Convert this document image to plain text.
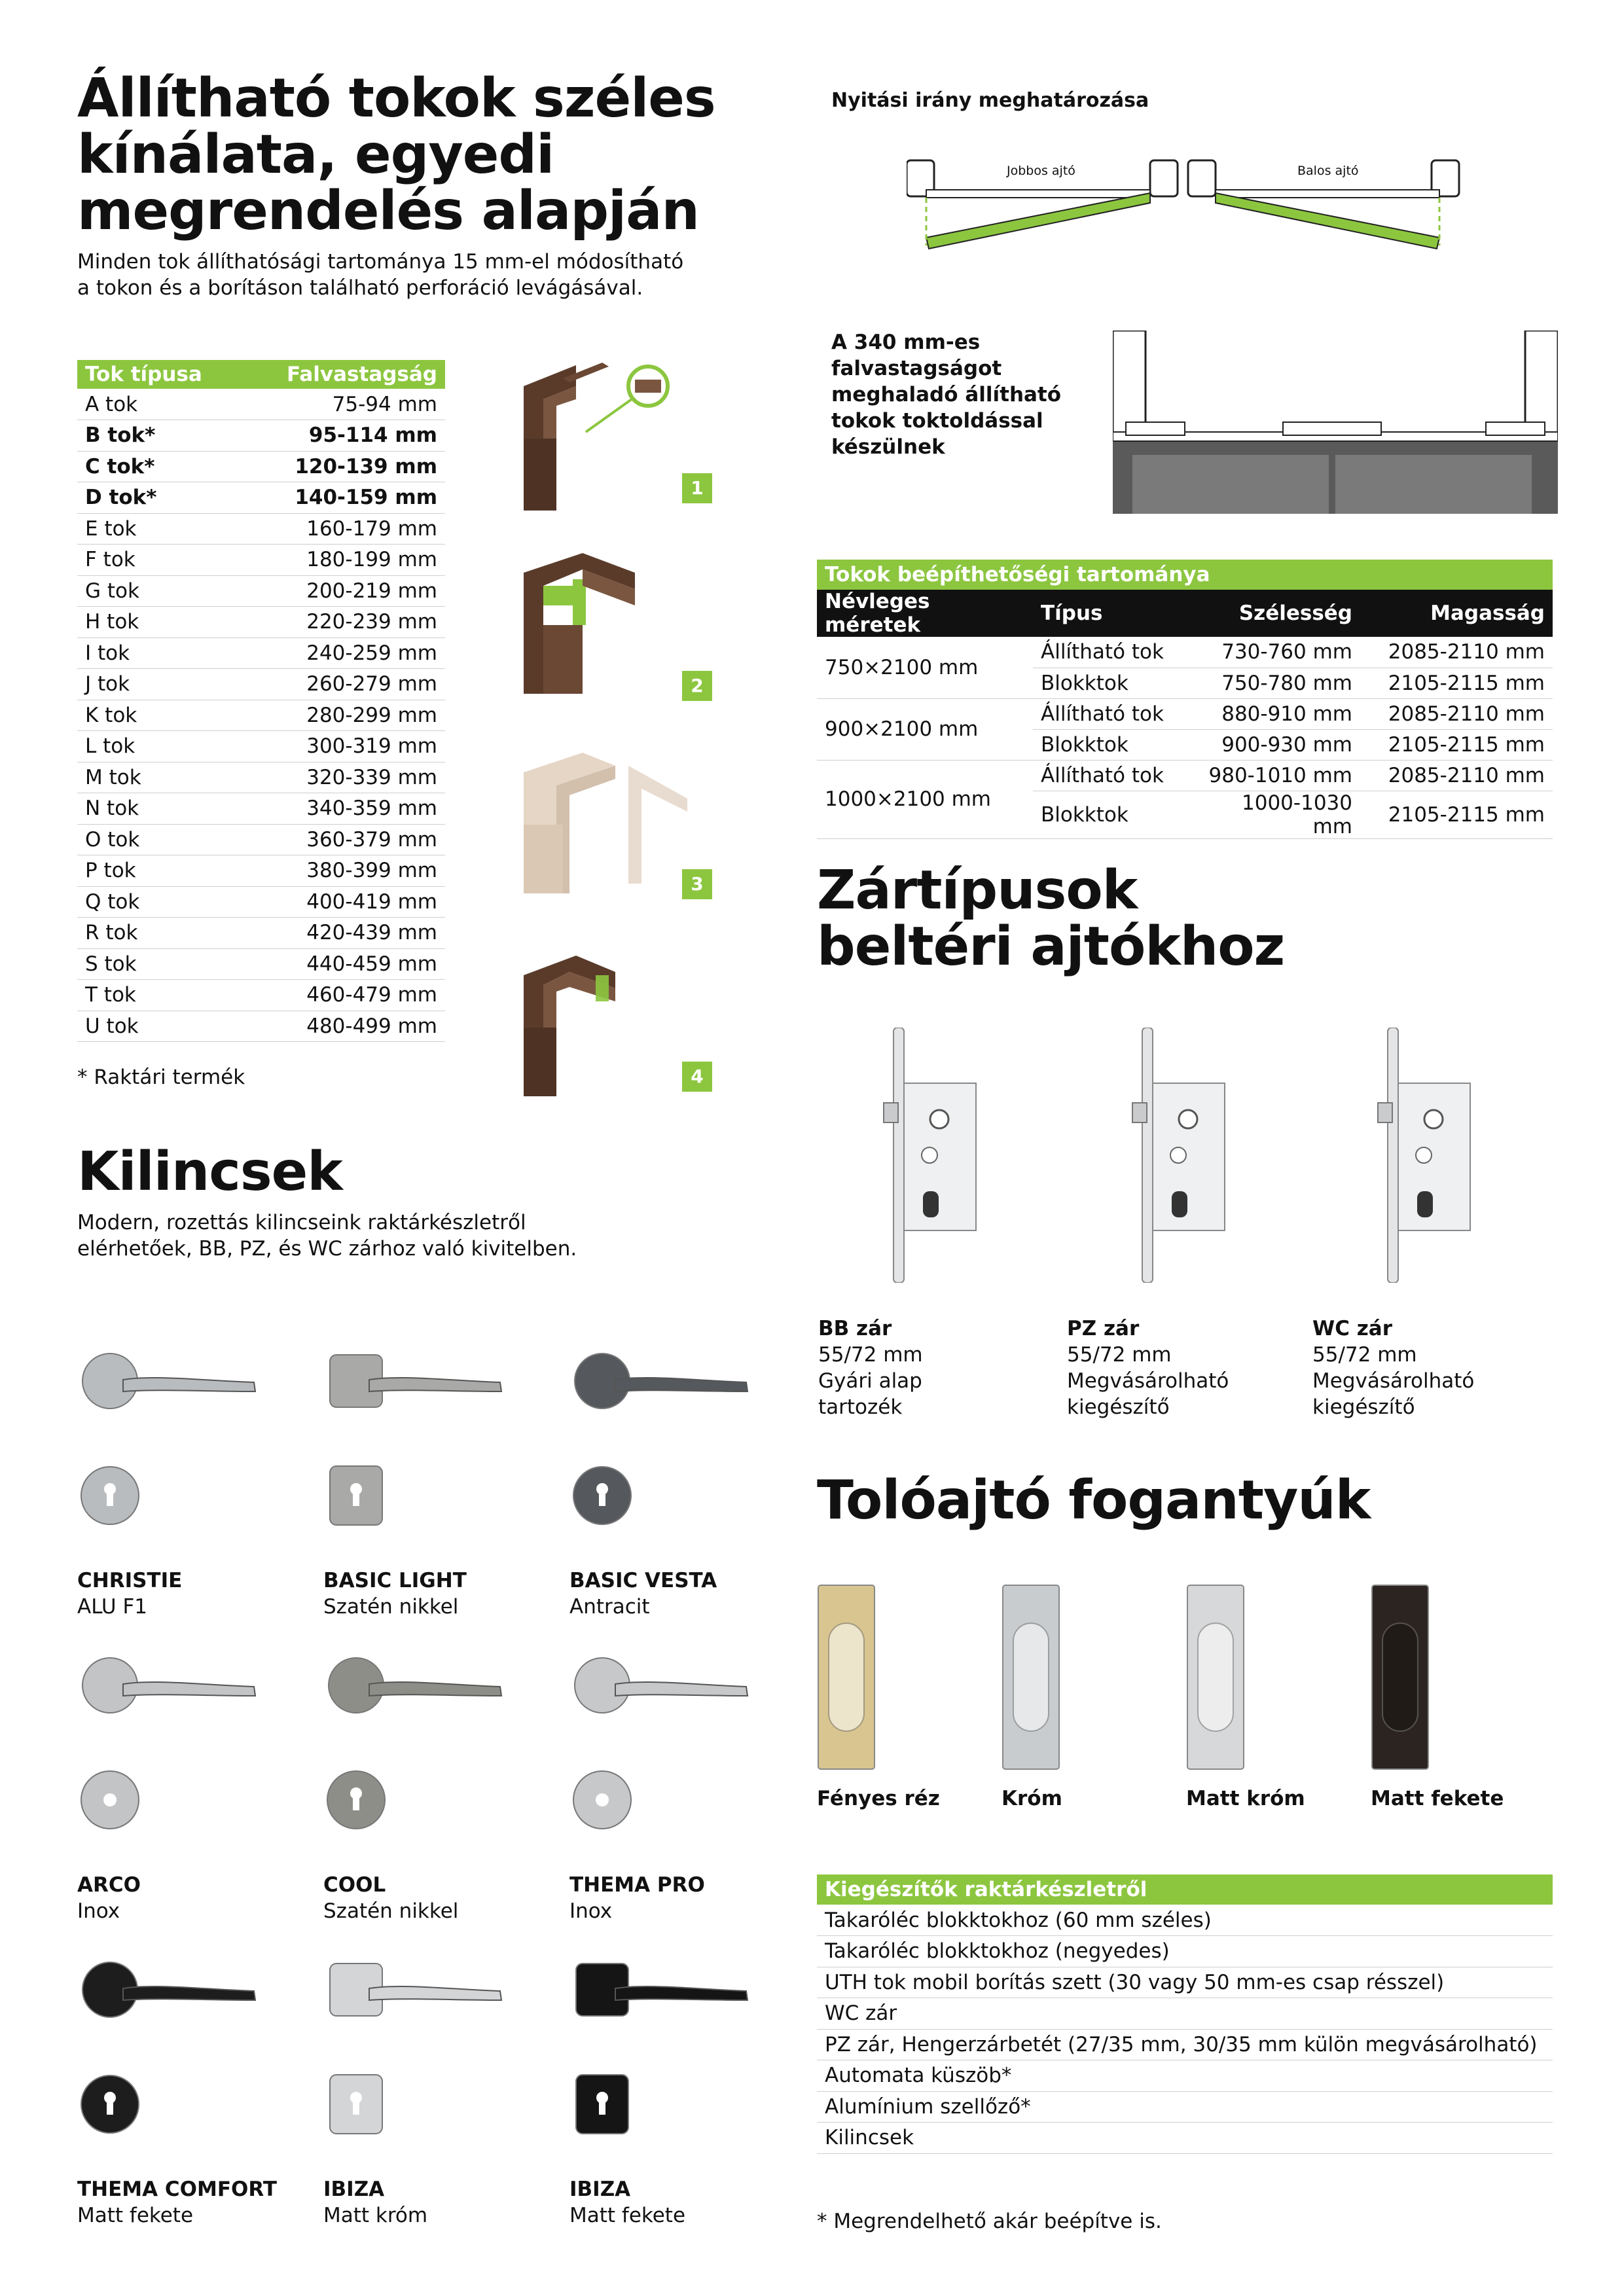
Állítható tokok széles
kínálata, egyedi
megrendelés alapján
Minden tok állíthatósági tartománya 15 mm-el módosítható
a tokon és a borításon található perforáció levágásával.
Tok típusa	Falvastagság
A tok	75-94 mm
B tok*	95-114 mm
C tok*	120-139 mm
D tok*	140-159 mm
E tok	160-179 mm
F tok	180-199 mm
G tok	200-219 mm
H tok	220-239 mm
I tok	240-259 mm
J tok	260-279 mm
K tok	280-299 mm
L tok	300-319 mm
M tok	320-339 mm
N tok	340-359 mm
O tok	360-379 mm
P tok	380-399 mm
Q tok	400-419 mm
R tok	420-439 mm
S tok	440-459 mm
T tok	460-479 mm
U tok	480-499 mm
* Raktári termék
1
2
3
4
Kilincsek
Modern, rozettás kilincseink raktárkészletről
elérhetőek, BB, PZ, és WC zárhoz való kivitelben.
CHRISTIE
ALU F1
BASIC LIGHT
Szatén nikkel
BASIC VESTA
Antracit
ARCO
Inox
COOL
Szatén nikkel
THEMA PRO
Inox
THEMA COMFORT
Matt fekete
IBIZA
Matt króm
IBIZA
Matt fekete
Nyitási irány meghatározása
Jobbos ajtó	Balos ajtó
A 340 mm-es
falvastagságot
meghaladó állítható
tokok toktoldással
készülnek
Tokok beépíthetőségi tartománya
Névleges méretek	Típus	Szélesség	Magasság
750×2100 mm	Állítható tok	730-760 mm	2085-2110 mm
	Blokktok	750-780 mm	2105-2115 mm
900×2100 mm	Állítható tok	880-910 mm	2085-2110 mm
	Blokktok	900-930 mm	2105-2115 mm
1000×2100 mm	Állítható tok	980-1010 mm	2085-2110 mm
	Blokktok	1000-1030 mm	2105-2115 mm
Zártípusok
beltéri ajtókhoz
BB zár
55/72 mm
Gyári alap
tartozék
PZ zár
55/72 mm
Megvásárolható
kiegészítő
WC zár
55/72 mm
Megvásárolható
kiegészítő
Tolóajtó fogantyúk
Fényes réz	Króm	Matt króm	Matt fekete
Kiegészítők raktárkészletről
Takaróléc blokktokhoz (60 mm széles)
Takaróléc blokktokhoz (negyedes)
UTH tok mobil borítás szett (30 vagy 50 mm-es csap résszel)
WC zár
PZ zár, Hengerzárbetét (27/35 mm, 30/35 mm külön megvásárolható)
Automata küszöb*
Alumínium szellőző*
Kilincsek
* Megrendelhető akár beépítve is.
